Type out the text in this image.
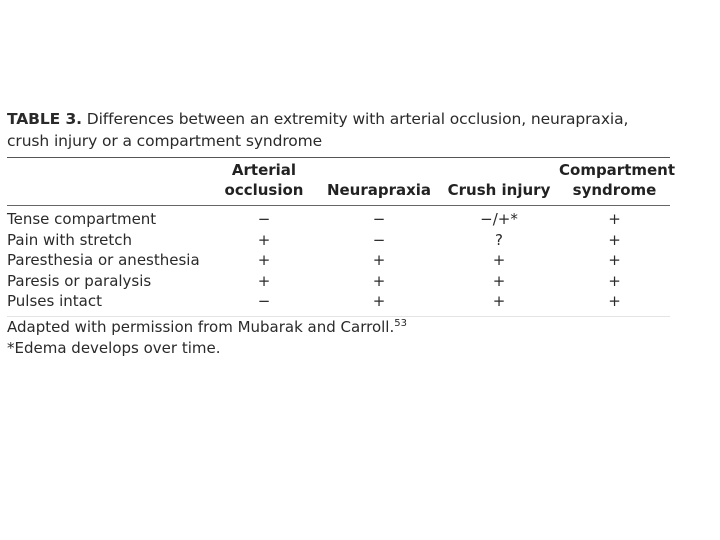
TABLE 3. Differences between an extremity with arterial occlusion, neurapraxia, crush injury or a compartment syndrome
	Arterial occlusion	Neurapraxia	Crush injury	Compartment syndrome
Tense compartment	−	−	−/+*	+
Pain with stretch	+	−	?	+
Paresthesia or anesthesia	+	+	+	+
Paresis or paralysis	+	+	+	+
Pulses intact	−	+	+	+
Adapted with permission from Mubarak and Carroll.$^{53}$
*Edema develops over time.
